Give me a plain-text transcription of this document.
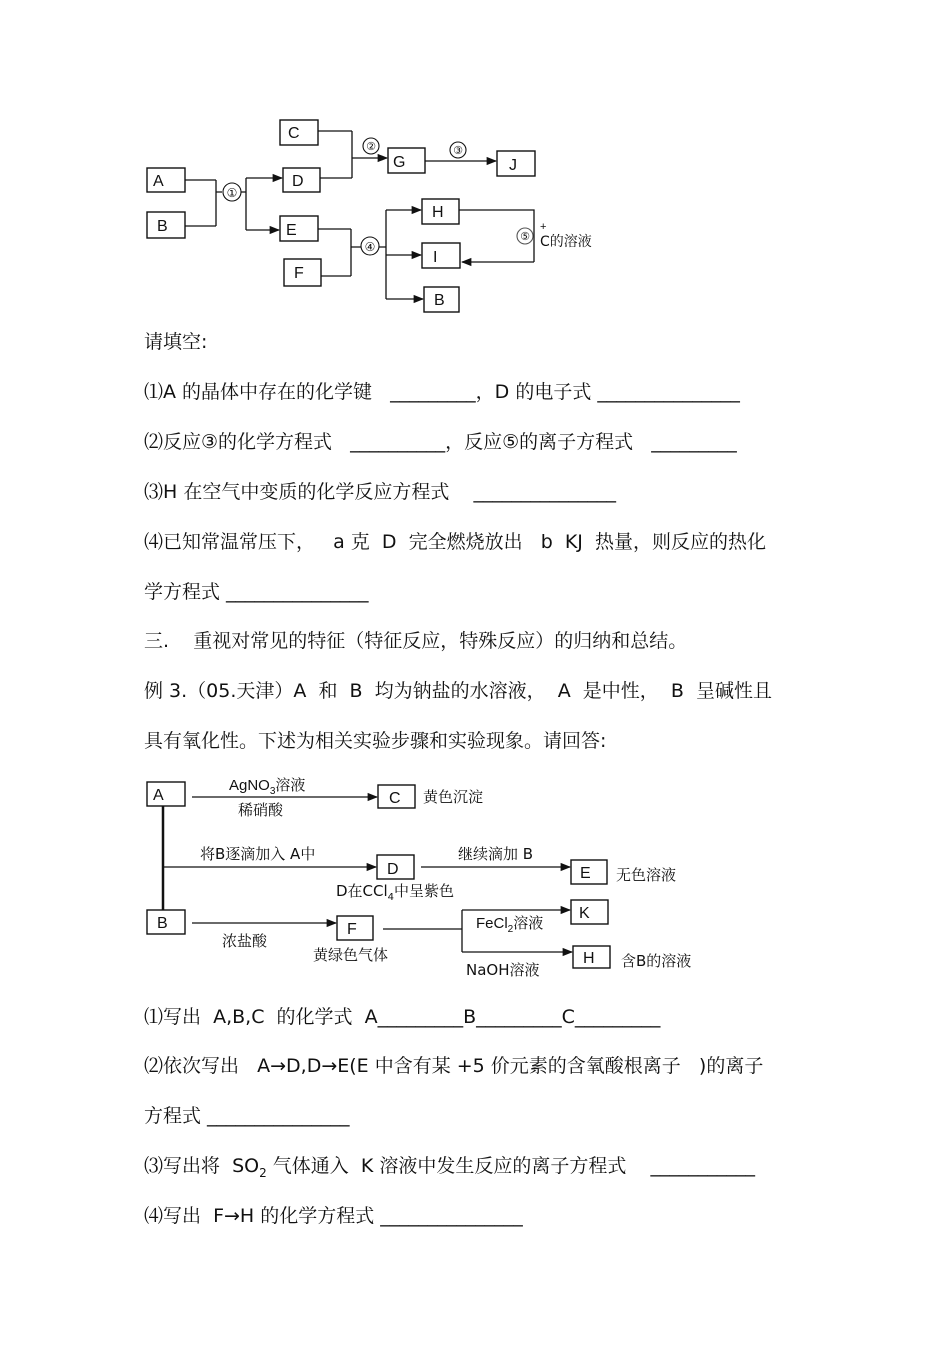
A
B
C
D
E
F
G	J
H
I
B
①
②	③
④
⑤
+
C的溶液
请填空:
⑴A 的晶体中存在的化学键   _________，D 的电子式 _______________
⑵反应③的化学方程式   __________，反应⑤的离子方程式   _________
⑶H 在空气中变质的化学反应方程式    _______________
⑷已知常温常压下，   a 克  D  完全燃烧放出   b  KJ  热量，则反应的热化
学方程式 _______________
三.    重视对常见的特征（特征反应，特殊反应）的归纳和总结。
例 3.（05.天津）A  和  B  均为钠盐的水溶液，  A  是中性，  B  呈碱性且
具有氧化性。下述为相关实验步骤和实验现象。请回答:
A
B
C
D	E
F
K
H
AgNO$_3$溶液
稀硝酸
黄色沉淀
将B逐滴加入 A中
D在CCl$_4$中呈紫色
继续滴加 B
无色溶液
浓盐酸
黄绿色气体
FeCl$_2$溶液
NaOH溶液	含B的溶液
⑴写出  A,B,C  的化学式  A_________B_________C_________
⑵依次写出   A→D,D→E(E 中含有某 +5 价元素的含氧酸根离子   )的离子
方程式 _______________
⑶写出将  $SO_2$ 气体通入  K 溶液中发生反应的离子方程式    ___________
⑷写出  F→H 的化学方程式 _______________
